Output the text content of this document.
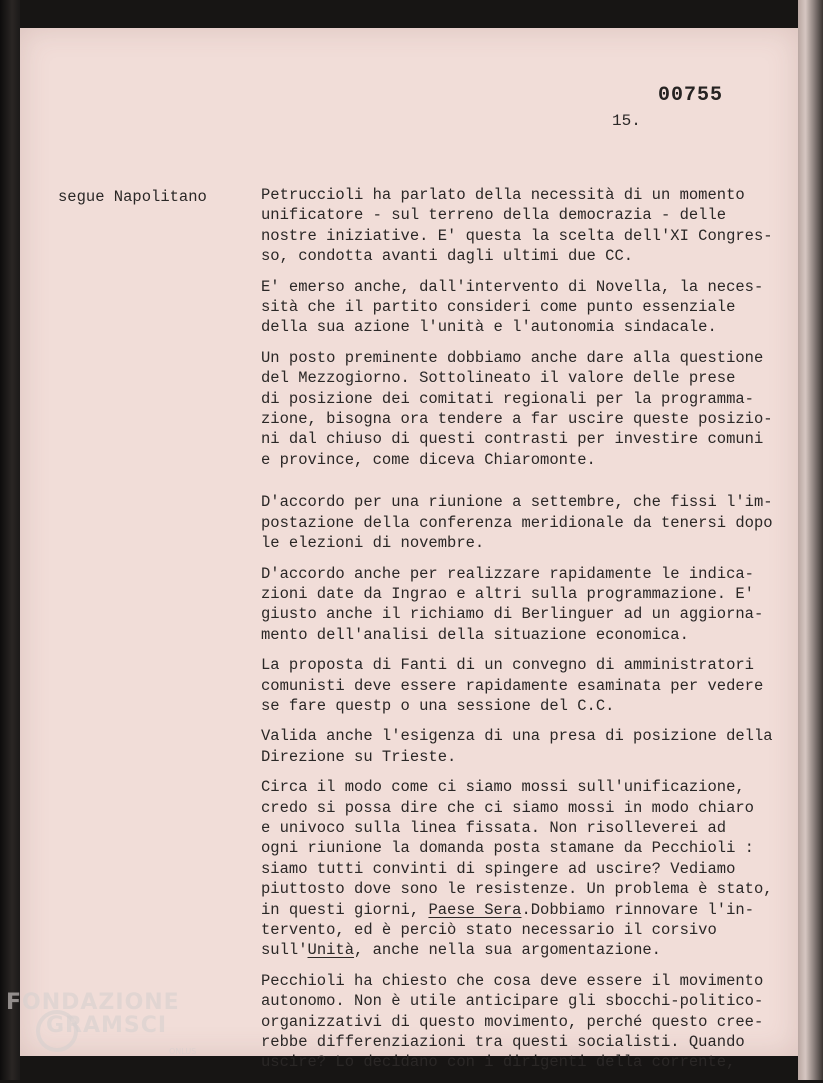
00755
15.
segue Napolitano	Petruccioli ha parlato della necessità di un momento
unificatore - sul terreno della democrazia - delle
nostre iniziative. E' questa la scelta dell'XI Congres-
so, condotta avanti dagli ultimi due CC.

E' emerso anche, dall'intervento di Novella, la neces-
sità che il partito consideri come punto essenziale
della sua azione l'unità e l'autonomia sindacale.

Un posto preminente dobbiamo anche dare alla questione
del Mezzogiorno. Sottolineato il valore delle prese
di posizione dei comitati regionali per la programma-
zione, bisogna ora tendere a far uscire queste posizio-
ni dal chiuso di questi contrasti per investire comuni
e province, come diceva Chiaromonte.

D'accordo per una riunione a settembre, che fissi l'im-
postazione della conferenza meridionale da tenersi dopo
le elezioni di novembre.

D'accordo anche per realizzare rapidamente le indica-
zioni date da Ingrao e altri sulla programmazione. E'
giusto anche il richiamo di Berlinguer ad un aggiorna-
mento dell'analisi della situazione economica.

La proposta di Fanti di un convegno di amministratori
comunisti deve essere rapidamente esaminata per vedere
se fare questp o una sessione del C.C.

Valida anche l'esigenza di una presa di posizione della
Direzione su Trieste.

Circa il modo come ci siamo mossi sull'unificazione,
credo si possa dire che ci siamo mossi in modo chiaro
e univoco sulla linea fissata. Non risolleverei ad
ogni riunione la domanda posta stamane da Pecchioli :
siamo tutti convinti di spingere ad uscire? Vediamo
piuttosto dove sono le resistenze. Un problema è stato,
in questi giorni, Paese Sera.Dobbiamo rinnovare l'in-
tervento, ed è perciò stato necessario il corsivo
sull'Unità, anche nella sua argomentazione.

Pecchioli ha chiesto che cosa deve essere il movimento
autonomo. Non è utile anticipare gli sbocchi-politico-
organizzativi di questo movimento, perché questo cree-
rebbe differenziazioni tra questi socialisti. Quando
uscire? Lo decidano con i dirigenti della corrente,

FONDAZIONE
GRAMSCI
ONLUS
